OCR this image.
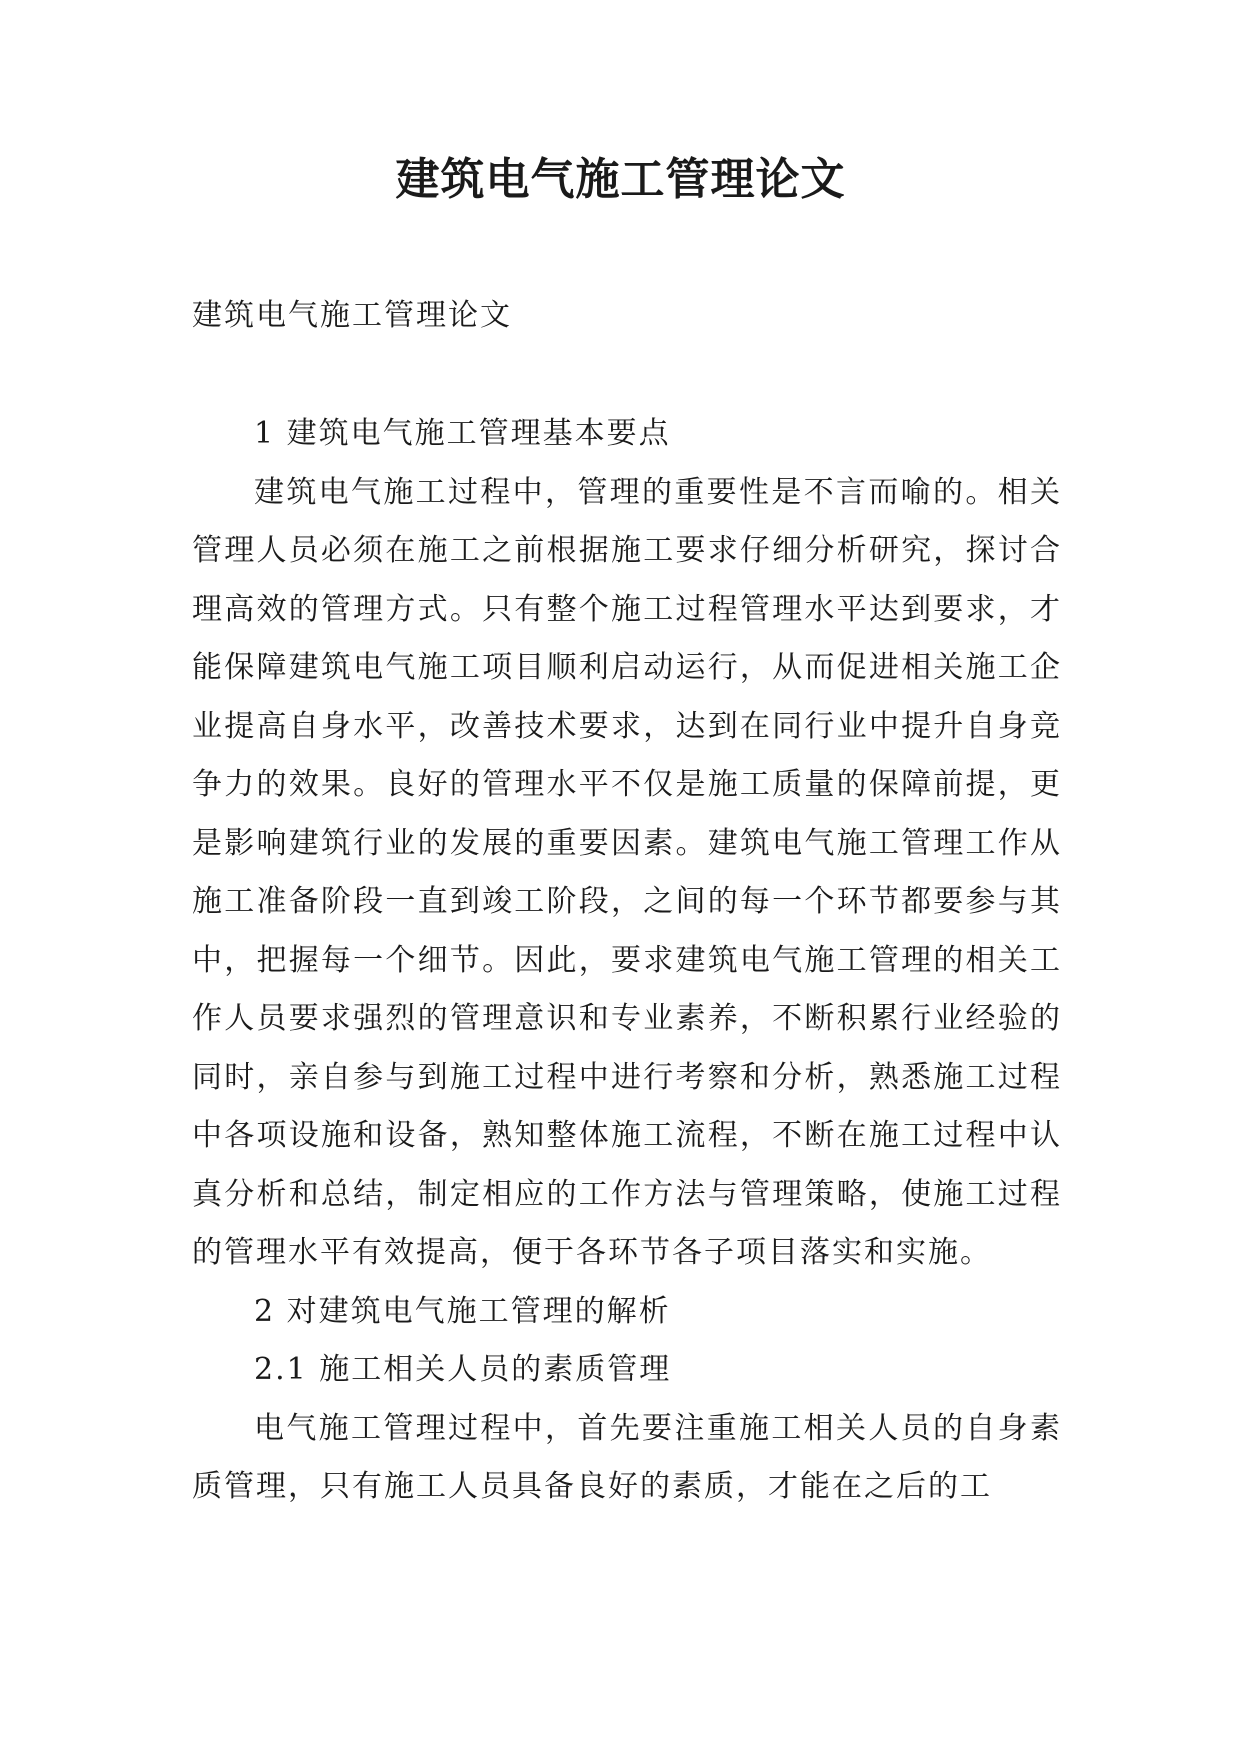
建筑电气施工管理论文
建筑电气施工管理论文

1 建筑电气施工管理基本要点

建筑电气施工过程中，管理的重要性是不言而喻的。相关管理人员必须在施工之前根据施工要求仔细分析研究，探讨合理高效的管理方式。只有整个施工过程管理水平达到要求，才能保障建筑电气施工项目顺利启动运行，从而促进相关施工企业提高自身水平，改善技术要求，达到在同行业中提升自身竞争力的效果。良好的管理水平不仅是施工质量的保障前提，更是影响建筑行业的发展的重要因素。建筑电气施工管理工作从施工准备阶段一直到竣工阶段，之间的每一个环节都要参与其中，把握每一个细节。因此，要求建筑电气施工管理的相关工作人员要求强烈的管理意识和专业素养，不断积累行业经验的同时，亲自参与到施工过程中进行考察和分析，熟悉施工过程中各项设施和设备，熟知整体施工流程，不断在施工过程中认真分析和总结，制定相应的工作方法与管理策略，使施工过程的管理水平有效提高，便于各环节各子项目落实和实施。

2 对建筑电气施工管理的解析

2.1 施工相关人员的素质管理

电气施工管理过程中，首先要注重施工相关人员的自身素质管理，只有施工人员具备良好的素质，才能在之后的工
